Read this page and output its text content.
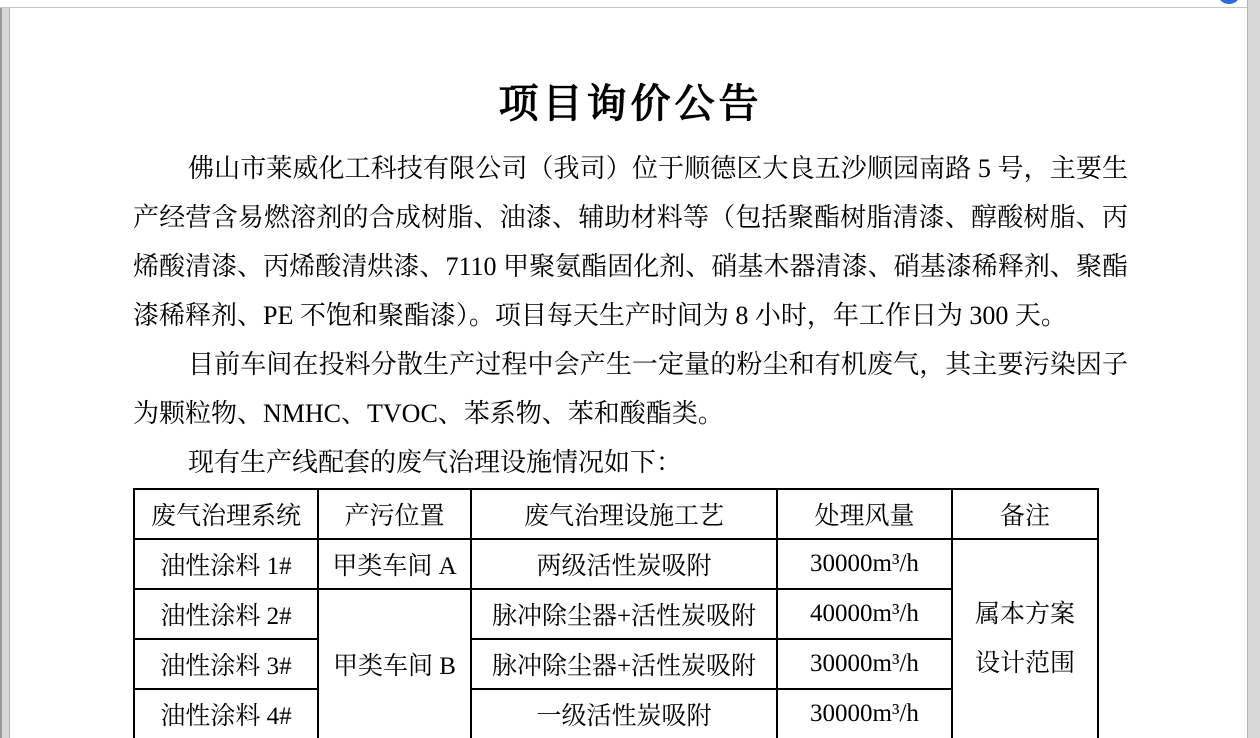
项目询价公告

佛山市莱威化工科技有限公司（我司）位于顺德区大良五沙顺园南路 5 号，主要生产经营含易燃溶剂的合成树脂、油漆、辅助材料等（包括聚酯树脂清漆、醇酸树脂、丙烯酸清漆、丙烯酸清烘漆、7110 甲聚氨酯固化剂、硝基木器清漆、硝基漆稀释剂、聚酯漆稀释剂、PE 不饱和聚酯漆）。项目每天生产时间为 8 小时，年工作日为 300 天。

目前车间在投料分散生产过程中会产生一定量的粉尘和有机废气，其主要污染因子为颗粒物、NMHC、TVOC、苯系物、苯和酸酯类。

现有生产线配套的废气治理设施情况如下：

废气治理系统	产污位置	废气治理设施工艺	处理风量	备注
油性涂料 1#	甲类车间 A	两级活性炭吸附	30000m³/h	属本方案
设计范围

油性涂料 2#	甲类车间 B	脉冲除尘器+活性炭吸附	40000m³/h	
油性涂料 3#		脉冲除尘器+活性炭吸附	30000m³/h	
油性涂料 4#		一级活性炭吸附	30000m³/h	
